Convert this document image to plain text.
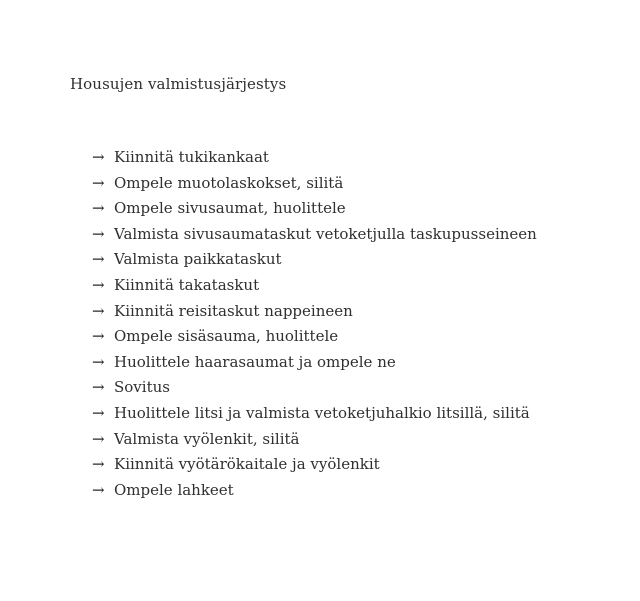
Housujen valmistusjärjestys
→ Kiinnitä tukikankaat
→ Ompele muotolaskokset, silitä
→ Ompele sivusaumat, huolittele
→ Valmista sivusaumataskut vetoketjulla taskupusseineen
→ Valmista paikkataskut
→ Kiinnitä takataskut
→ Kiinnitä reisitaskut nappeineen
→ Ompele sisäsauma, huolittele
→ Huolittele haarasaumat ja ompele ne
→ Sovitus
→ Huolittele litsi ja valmista vetoketjuhalkio litsillä, silitä
→ Valmista vyölenkit, silitä
→ Kiinnitä vyötärökaitale ja vyölenkit
→ Ompele lahkeet
